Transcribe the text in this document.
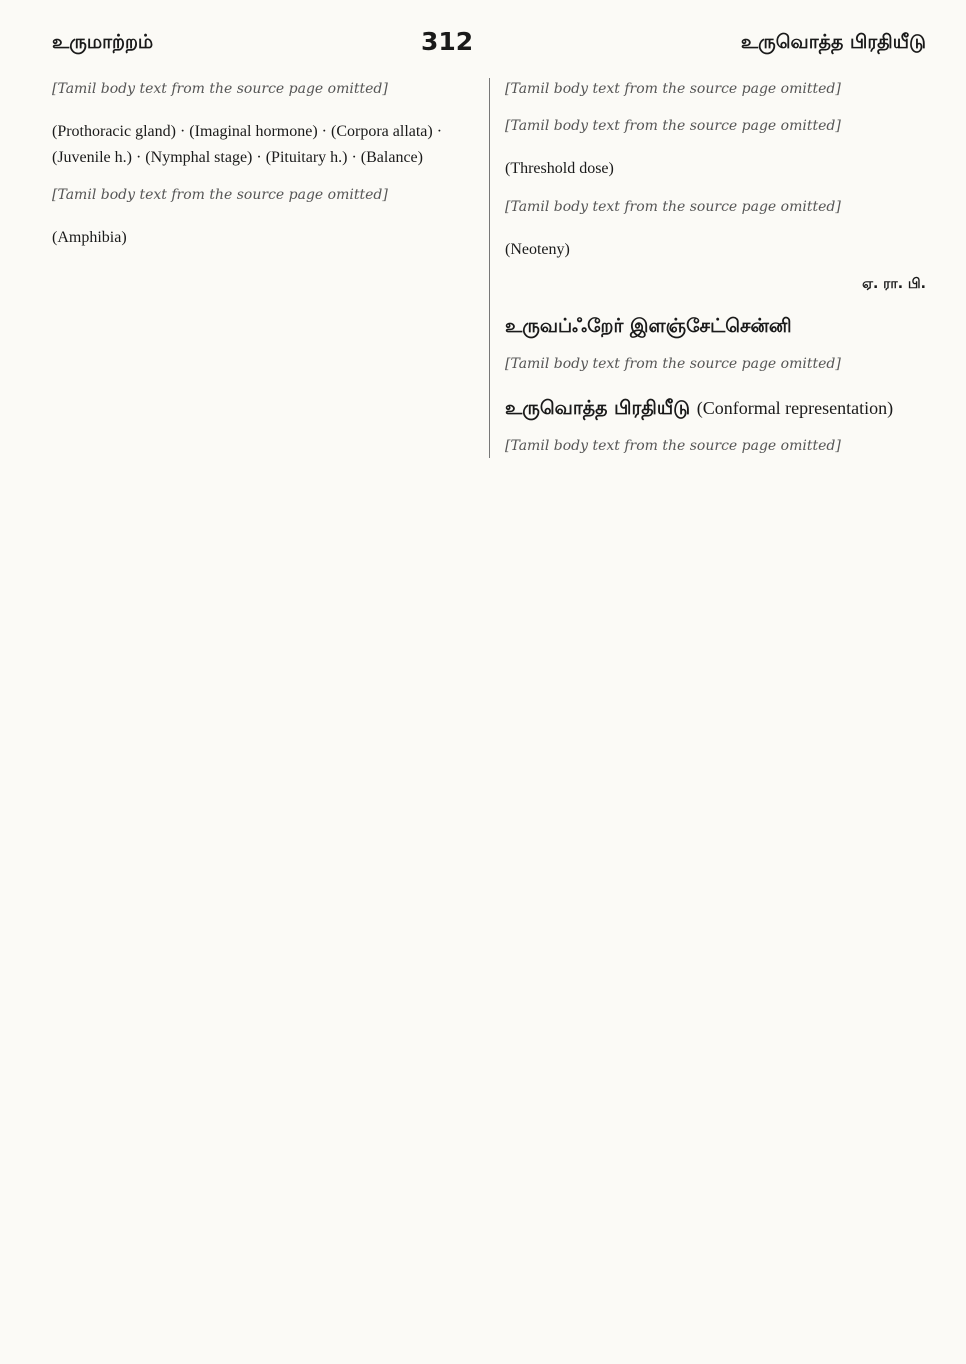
உருமாற்றம்	312	உருவொத்த பிரதியீடு

[Tamil body text from the source page omitted]

(Prothoracic gland) · (Imaginal hormone) · (Corpora allata) · (Juvenile h.) · (Nymphal stage) · (Pituitary h.) · (Balance)

[Tamil body text from the source page omitted]

(Amphibia)

[Tamil body text from the source page omitted]

[Tamil body text from the source page omitted]

(Threshold dose)

[Tamil body text from the source page omitted]

(Neoteny)

ஏ. ரா. பி.

உருவப்ஃறேர் இளஞ்சேட்சென்னி

[Tamil body text from the source page omitted]

உருவொத்த பிரதியீடு (Conformal representation)

[Tamil body text from the source page omitted]
